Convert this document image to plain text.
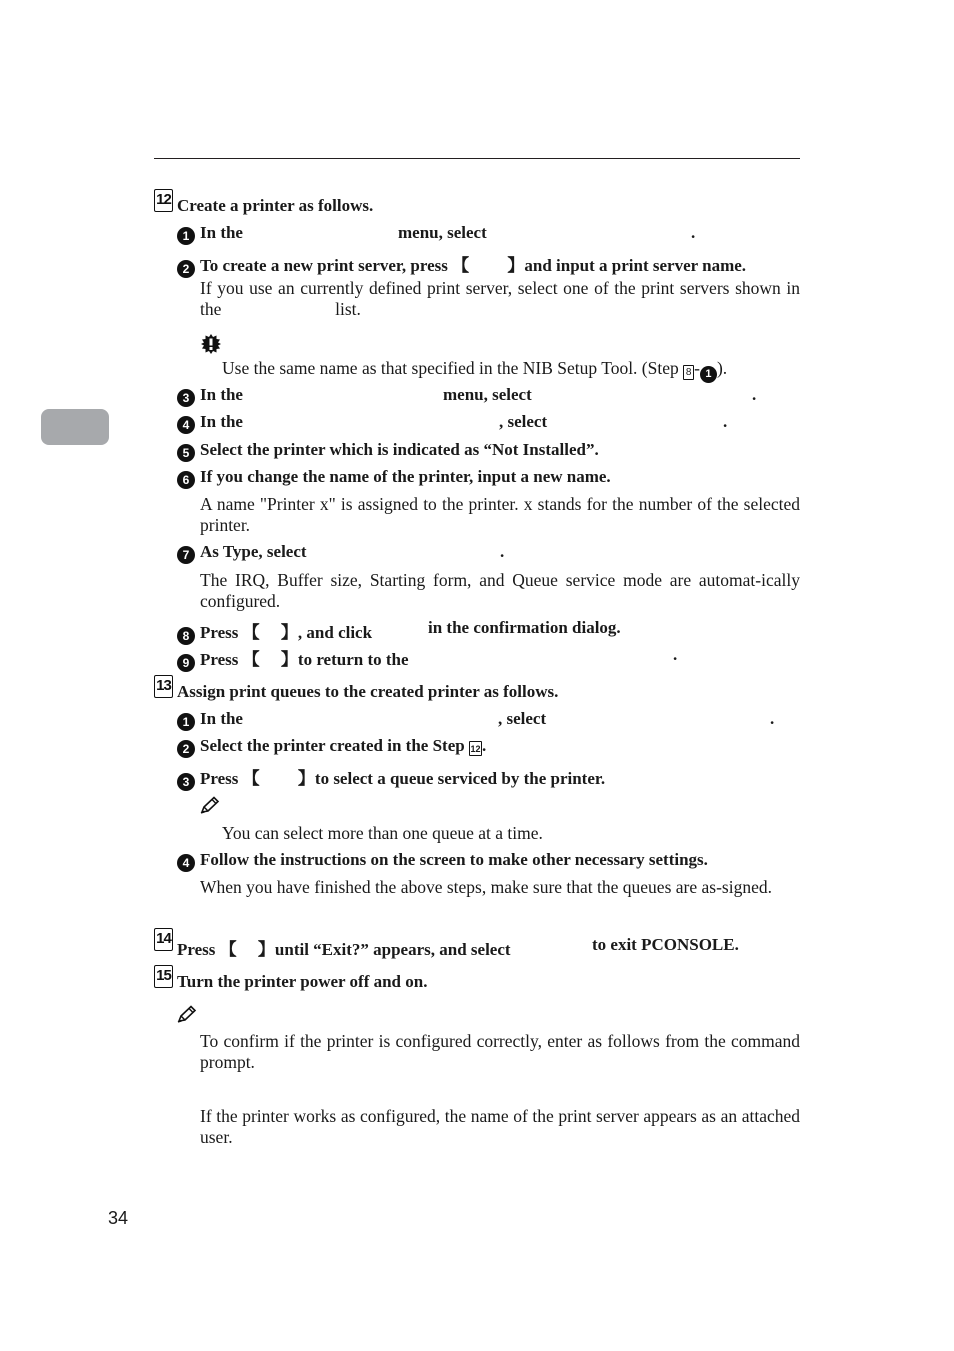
12 Create a printer as follows.
1 In the	menu, select	.
2 To create a new print server, press 【         】and input a print server name.
If you use an currently defined print server, select one of the print servers shown in the	list.
Use the same name as that specified in the NIB Setup Tool. (Step 8 - 1 ).
3 In the	menu, select	.
4 In the	, select	.
5 Select the printer which is indicated as “Not Installed”.
6 If you change the name of the printer, input a new name.
A name "Printer x" is assigned to the printer. x stands for the number of the selected printer.
7 As Type, select	.
The IRQ, Buffer size, Starting form, and Queue service mode are automat-ically configured.
8 Press 【     】, and click	in the confirmation dialog.
9 Press 【     】to return to the	.
13 Assign print queues to the created printer as follows.
1 In the	, select	.
2 Select the printer created in the Step 12.
3 Press 【         】to select a queue serviced by the printer.
You can select more than one queue at a time.
4 Follow the instructions on the screen to make other necessary settings.
When you have finished the above steps, make sure that the queues are as-signed.
14
Press 【     】until “Exit?” appears, and select	to exit PCONSOLE.
15 Turn the printer power off and on.
To confirm if the printer is configured correctly, enter as follows from the command prompt.
If the printer works as configured, the name of the print server appears as an attached user.
34
